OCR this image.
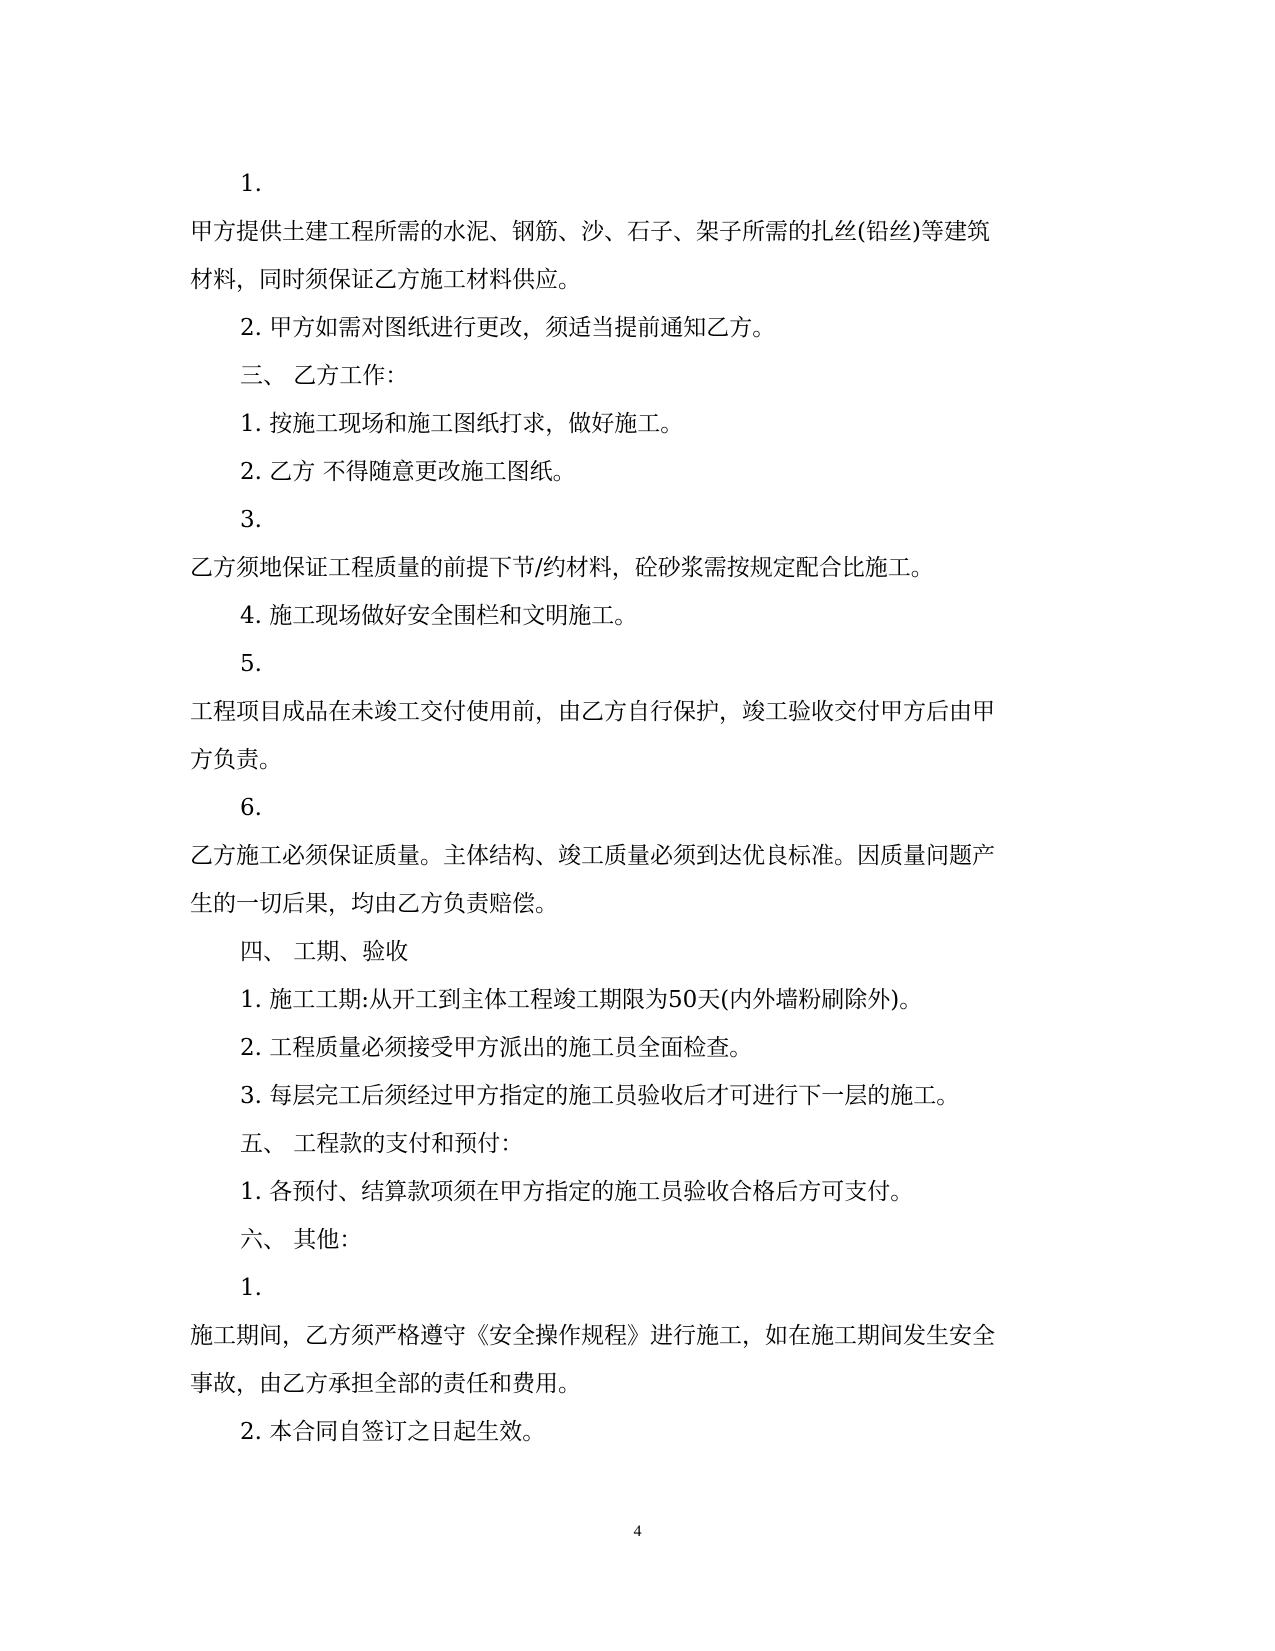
1.
甲方提供土建工程所需的水泥、钢筋、沙、石子、架子所需的扎丝(铅丝)等建筑
材料，同时须保证乙方施工材料供应。
2. 甲方如需对图纸进行更改，须适当提前通知乙方。
三、 乙方工作：
1. 按施工现场和施工图纸打求，做好施工。
2. 乙方 不得随意更改施工图纸。
3.
乙方须地保证工程质量的前提下节/约材料，砼砂浆需按规定配合比施工。
4. 施工现场做好安全围栏和文明施工。
5.
工程项目成品在未竣工交付使用前，由乙方自行保护，竣工验收交付甲方后由甲
方负责。
6.
乙方施工必须保证质量。主体结构、竣工质量必须到达优良标准。因质量问题产
生的一切后果，均由乙方负责赔偿。
四、 工期、验收
1. 施工工期:从开工到主体工程竣工期限为50天(内外墙粉刷除外)。
2. 工程质量必须接受甲方派出的施工员全面检查。
3. 每层完工后须经过甲方指定的施工员验收后才可进行下一层的施工。
五、 工程款的支付和预付：
1. 各预付、结算款项须在甲方指定的施工员验收合格后方可支付。
六、 其他：
1.
施工期间，乙方须严格遵守《安全操作规程》进行施工，如在施工期间发生安全
事故，由乙方承担全部的责任和费用。
2. 本合同自签订之日起生效。
4
